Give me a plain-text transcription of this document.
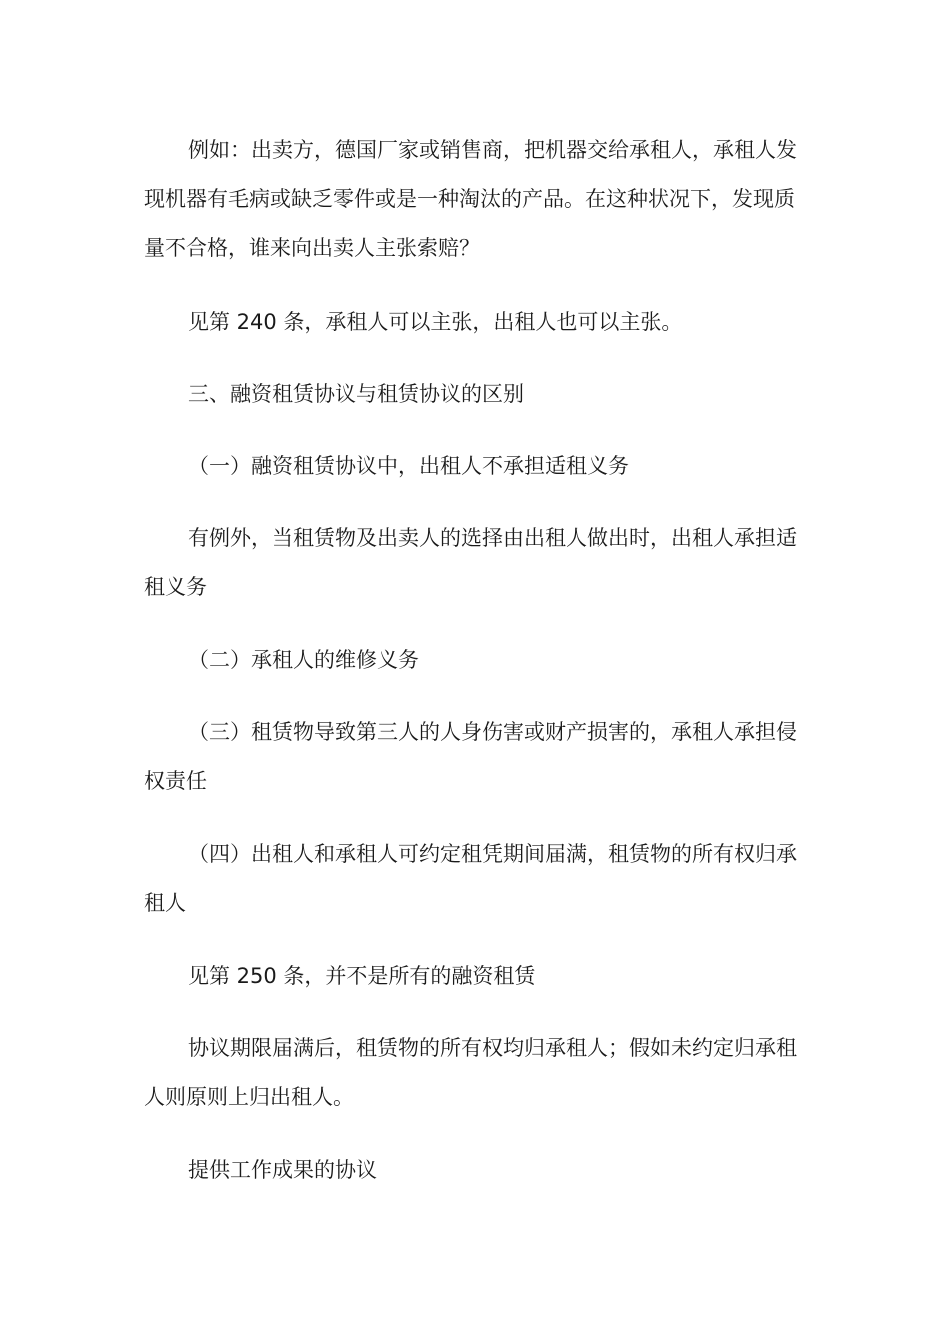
例如：出卖方，德国厂家或销售商，把机器交给承租人，承租人发现机器有毛病或缺乏零件或是一种淘汰的产品。在这种状况下，发现质量不合格，谁来向出卖人主张索赔？

见第 240 条，承租人可以主张，出租人也可以主张。

三、融资租赁协议与租赁协议的区别

（一）融资租赁协议中，出租人不承担适租义务

有例外，当租赁物及出卖人的选择由出租人做出时，出租人承担适租义务

（二）承租人的维修义务

（三）租赁物导致第三人的人身伤害或财产损害的，承租人承担侵权责任

（四）出租人和承租人可约定租凭期间届满，租赁物的所有权归承租人

见第 250 条，并不是所有的融资租赁

协议期限届满后，租赁物的所有权均归承租人；假如未约定归承租人则原则上归出租人。

提供工作成果的协议
